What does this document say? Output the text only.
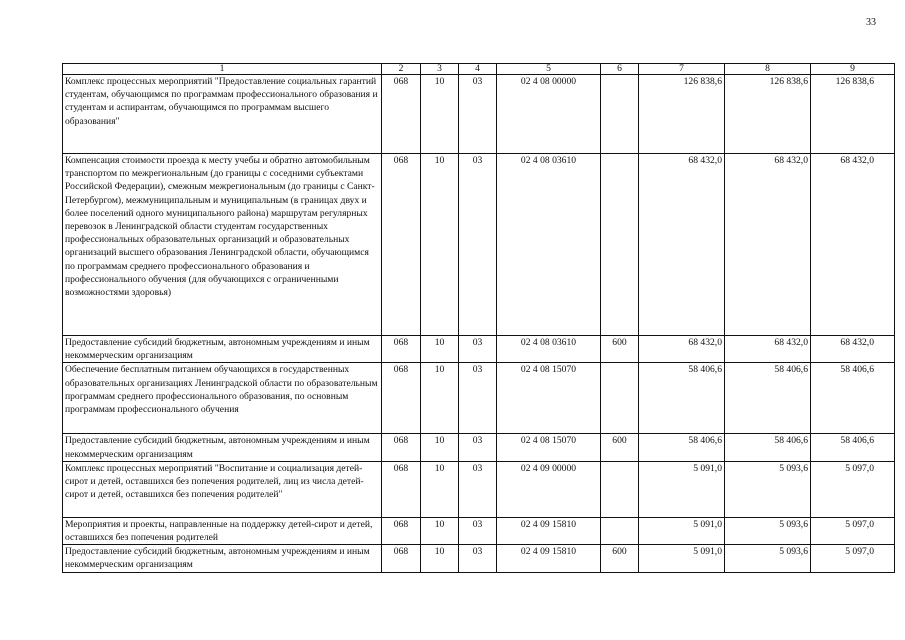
33
1	2	3	4	5	6	7	8	9
Комплекс процессных мероприятий "Предоставление социальных гарантий студентам, обучающимся по программам профессионального образования и студентам и аспирантам, обучающимся по программам высшего образования"	068	10	03	02 4 08 00000		126 838,6	126 838,6	126 838,6
Компенсация стоимости проезда к месту учебы и обратно автомобильным транспортом по межрегиональным (до границы с соседними субъектами Российской Федерации), смежным межрегиональным (до границы с Санкт-Петербургом), межмуниципальным и муниципальным (в границах двух и более поселений одного муниципального района) маршрутам регулярных перевозок в Ленинградской области студентам государственных профессиональных образовательных организаций и образовательных организаций высшего образования Ленинградской области, обучающимся по программам среднего профессионального образования и профессионального обучения (для обучающихся с ограниченными возможностями здоровья)	068	10	03	02 4 08 03610		68 432,0	68 432,0	68 432,0
Предоставление субсидий бюджетным, автономным учреждениям и иным некоммерческим организациям	068	10	03	02 4 08 03610	600	68 432,0	68 432,0	68 432,0
Обеспечение бесплатным питанием обучающихся в государственных образовательных организациях Ленинградской области по образовательным программам среднего профессионального образования, по основным программам профессионального обучения	068	10	03	02 4 08 15070		58 406,6	58 406,6	58 406,6
Предоставление субсидий бюджетным, автономным учреждениям и иным некоммерческим организациям	068	10	03	02 4 08 15070	600	58 406,6	58 406,6	58 406,6
Комплекс процессных мероприятий "Воспитание и социализация детей-сирот и детей, оставшихся без попечения родителей, лиц из числа детей-сирот и детей, оставшихся без попечения родителей"	068	10	03	02 4 09 00000		5 091,0	5 093,6	5 097,0
Мероприятия и проекты, направленные на поддержку детей-сирот и детей, оставшихся без попечения родителей	068	10	03	02 4 09 15810		5 091,0	5 093,6	5 097,0
Предоставление субсидий бюджетным, автономным учреждениям и иным некоммерческим организациям	068	10	03	02 4 09 15810	600	5 091,0	5 093,6	5 097,0
